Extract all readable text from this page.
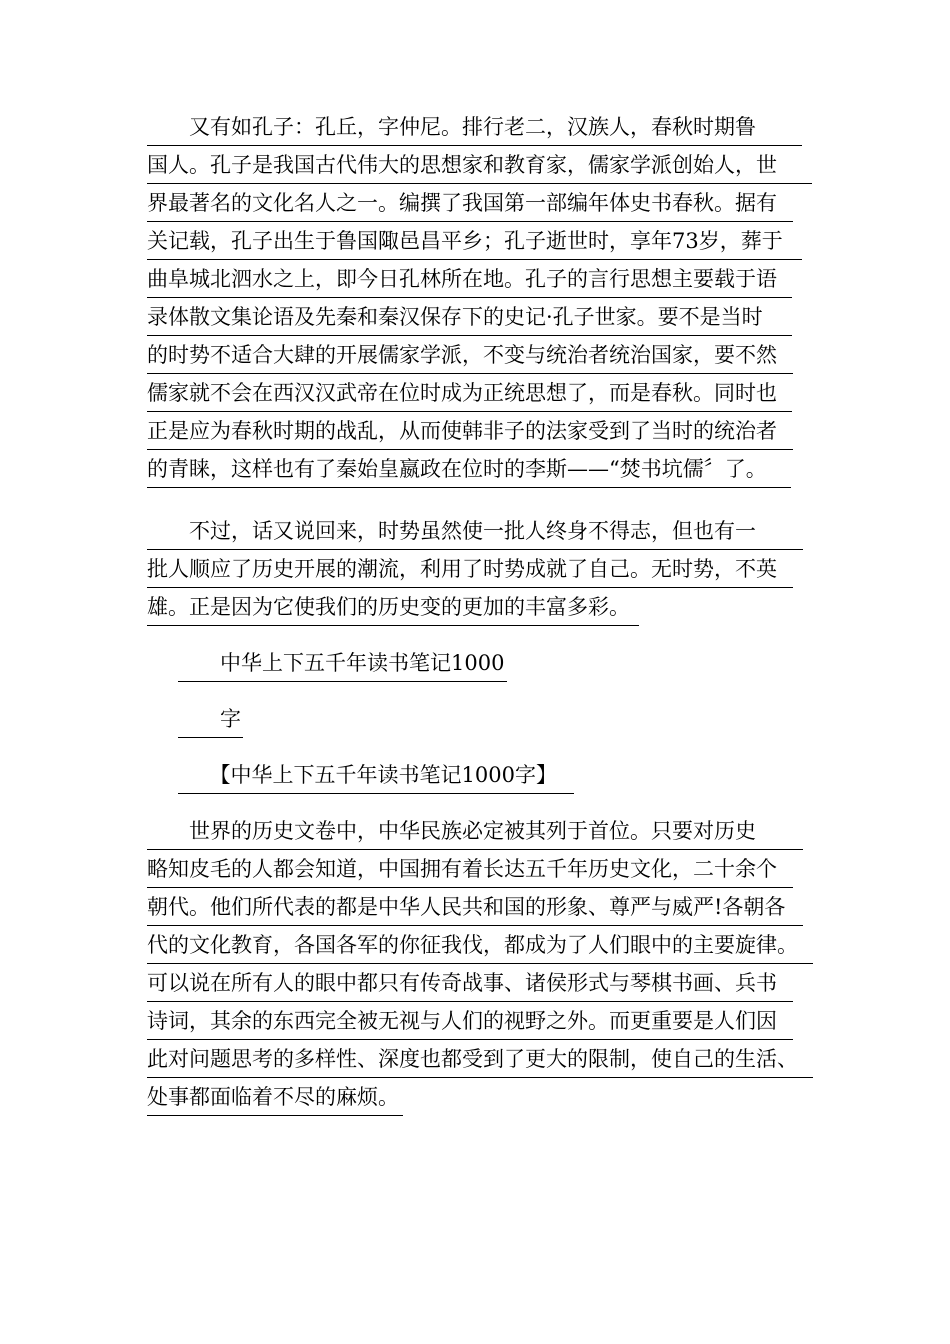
　　又有如孔子：孔丘，字仲尼。排行老二，汉族人，春秋时期鲁
国人。孔子是我国古代伟大的思想家和教育家，儒家学派创始人，世
界最著名的文化名人之一。编撰了我国第一部编年体史书春秋。据有
关记载，孔子出生于鲁国陬邑昌平乡；孔子逝世时，享年73岁，葬于
曲阜城北泗水之上，即今日孔林所在地。孔子的言行思想主要载于语
录体散文集论语及先秦和秦汉保存下的史记·孔子世家。要不是当时
的时势不适合大肆的开展儒家学派，不变与统治者统治国家，要不然
儒家就不会在西汉汉武帝在位时成为正统思想了，而是春秋。同时也
正是应为春秋时期的战乱，从而使韩非子的法家受到了当时的统治者
的青睐，这样也有了秦始皇嬴政在位时的李斯——“焚书坑儒〞了。
　　不过，话又说回来，时势虽然使一批人终身不得志，但也有一
批人顺应了历史开展的潮流，利用了时势成就了自己。无时势，不英
雄。正是因为它使我们的历史变的更加的丰富多彩。
　　中华上下五千年读书笔记1000
　　字
　　【中华上下五千年读书笔记1000字】
　　世界的历史文卷中，中华民族必定被其列于首位。只要对历史
略知皮毛的人都会知道，中国拥有着长达五千年历史文化，二十余个
朝代。他们所代表的都是中华人民共和国的形象、尊严与威严!各朝各
代的文化教育，各国各军的你征我伐，都成为了人们眼中的主要旋律。
可以说在所有人的眼中都只有传奇战事、诸侯形式与琴棋书画、兵书
诗词，其余的东西完全被无视与人们的视野之外。而更重要是人们因
此对问题思考的多样性、深度也都受到了更大的限制，使自己的生活、
处事都面临着不尽的麻烦。
